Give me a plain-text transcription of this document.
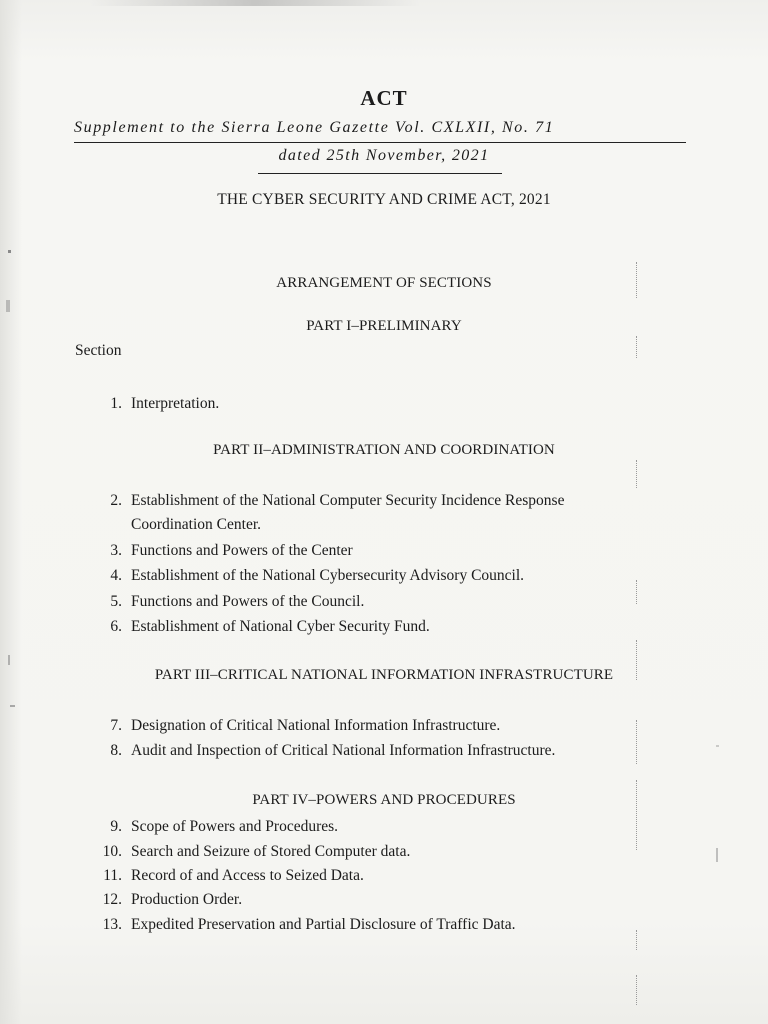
ACT
Supplement to the Sierra Leone Gazette Vol. CXLXII, No. 71
dated 25th November, 2021
THE CYBER SECURITY AND CRIME ACT, 2021
ARRANGEMENT OF SECTIONS
PART I–PRELIMINARY
Section
1. Interpretation.
PART II–ADMINISTRATION AND COORDINATION
2. Establishment of the National Computer Security Incidence Response
Coordination Center.
3. Functions and Powers of the Center
4. Establishment of the National Cybersecurity Advisory Council.
5. Functions and Powers of the Council.
6. Establishment of National Cyber Security Fund.
PART III–CRITICAL NATIONAL INFORMATION INFRASTRUCTURE
7. Designation of Critical National Information Infrastructure.
8. Audit and Inspection of Critical National Information Infrastructure.
PART IV–POWERS AND PROCEDURES
9. Scope of Powers and Procedures.
10. Search and Seizure of Stored Computer data.
11. Record of and Access to Seized Data.
12. Production Order.
13. Expedited Preservation and Partial Disclosure of Traffic Data.
